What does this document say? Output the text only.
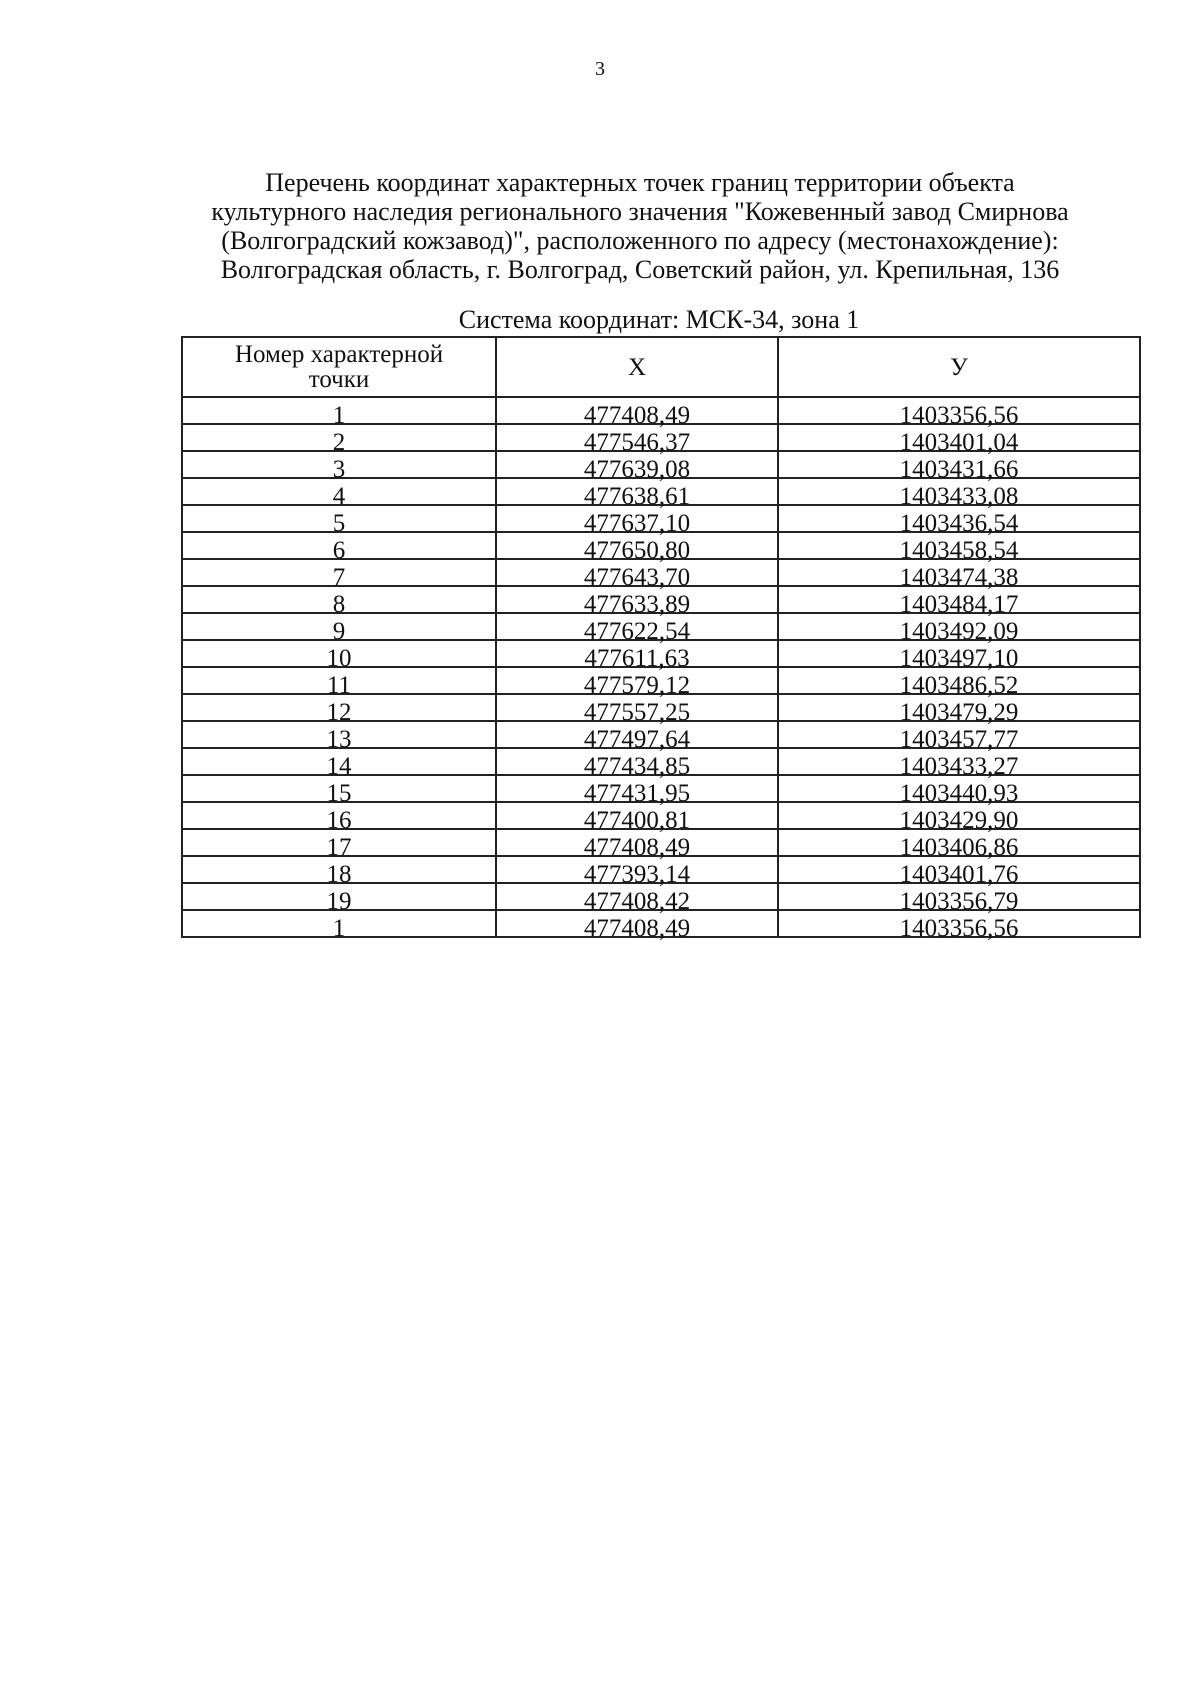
3
Перечень координат характерных точек границ территории объекта
культурного наследия регионального значения "Кожевенный завод Смирнова
(Волгоградский кожзавод)", расположенного по адресу (местонахождение):
Волгоградская область, г. Волгоград, Советский район, ул. Крепильная, 136
Система координат: МСК-34, зона 1
Номер характерной
точки	X	У
1	477408,49	1403356,56
2	477546,37	1403401,04
3	477639,08	1403431,66
4	477638,61	1403433,08
5	477637,10	1403436,54
6	477650,80	1403458,54
7	477643,70	1403474,38
8	477633,89	1403484,17
9	477622,54	1403492,09
10	477611,63	1403497,10
11	477579,12	1403486,52
12	477557,25	1403479,29
13	477497,64	1403457,77
14	477434,85	1403433,27
15	477431,95	1403440,93
16	477400,81	1403429,90
17	477408,49	1403406,86
18	477393,14	1403401,76
19	477408,42	1403356,79
1	477408,49	1403356,56
